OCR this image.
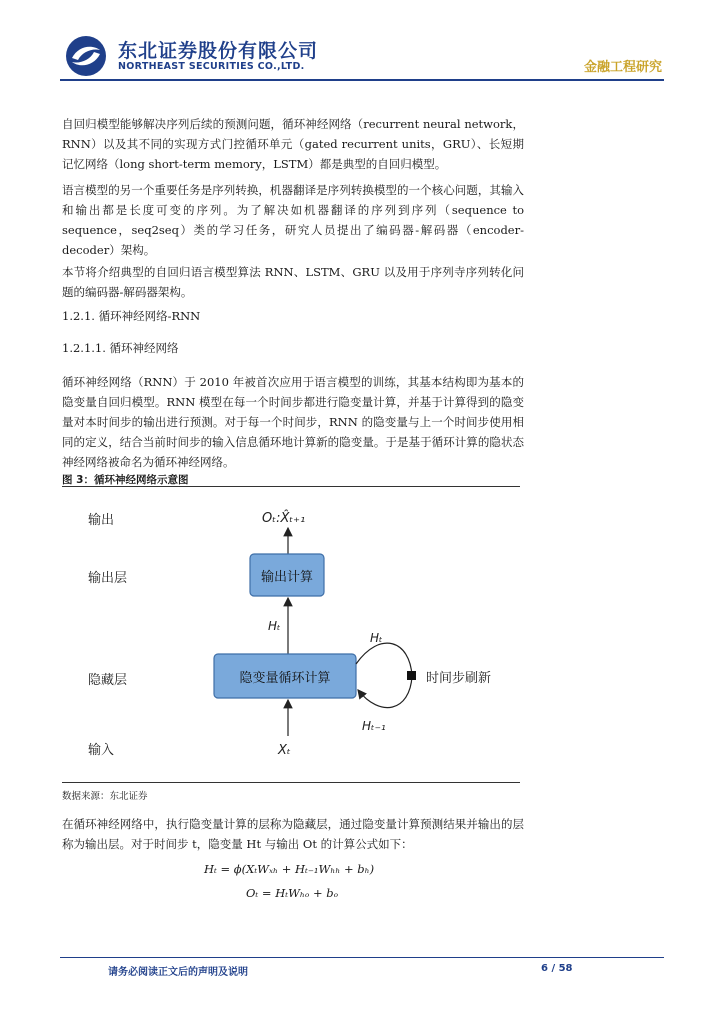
东北证券股份有限公司
NORTHEAST SECURITIES CO.,LTD.	金融工程研究
自回归模型能够解决序列后续的预测问题，循环神经网络（recurrent neural network，RNN）以及其不同的实现方式门控循环单元（gated recurrent units，GRU）、长短期记忆网络（long short-term memory，LSTM）都是典型的自回归模型。
语言模型的另一个重要任务是序列转换，机器翻译是序列转换模型的一个核心问题，其输入和输出都是长度可变的序列。为了解决如机器翻译的序列到序列（sequence to sequence，seq2seq）类的学习任务，研究人员提出了编码器-解码器（encoder-decoder）架构。
本节将介绍典型的自回归语言模型算法 RNN、LSTM、GRU 以及用于序列寺序列转化问题的编码器-解码器架构。
1.2.1. 循环神经网络-RNN
1.2.1.1. 循环神经网络
循环神经网络（RNN）于 2010 年被首次应用于语言模型的训练，其基本结构即为基本的隐变量自回归模型。RNN 模型在每一个时间步都进行隐变量计算，并基于计算得到的隐变量对本时间步的输出进行预测。对于每一个时间步，RNN 的隐变量与上一个时间步使用相同的定义，结合当前时间步的输入信息循环地计算新的隐变量。于是基于循环计算的隐状态神经网络被命名为循环神经网络。
图 3：循环神经网络示意图
输出
输出层
隐藏层
输入
Oₜ:X̂ₜ₊₁
输出计算
Hₜ
隐变量循环计算	时间步刷新
Hₜ
Hₜ₋₁
Xₜ
数据来源：东北证券
在循环神经网络中，执行隐变量计算的层称为隐藏层，通过隐变量计算预测结果并输出的层称为输出层。对于时间步 t，隐变量 Ht 与输出 Ot 的计算公式如下：
Hₜ = ϕ(XₜWₓₕ + Hₜ₋₁Wₕₕ + bₕ)
Oₜ = HₜWₕₒ + bₒ
请务必阅读正文后的声明及说明	6 / 58
